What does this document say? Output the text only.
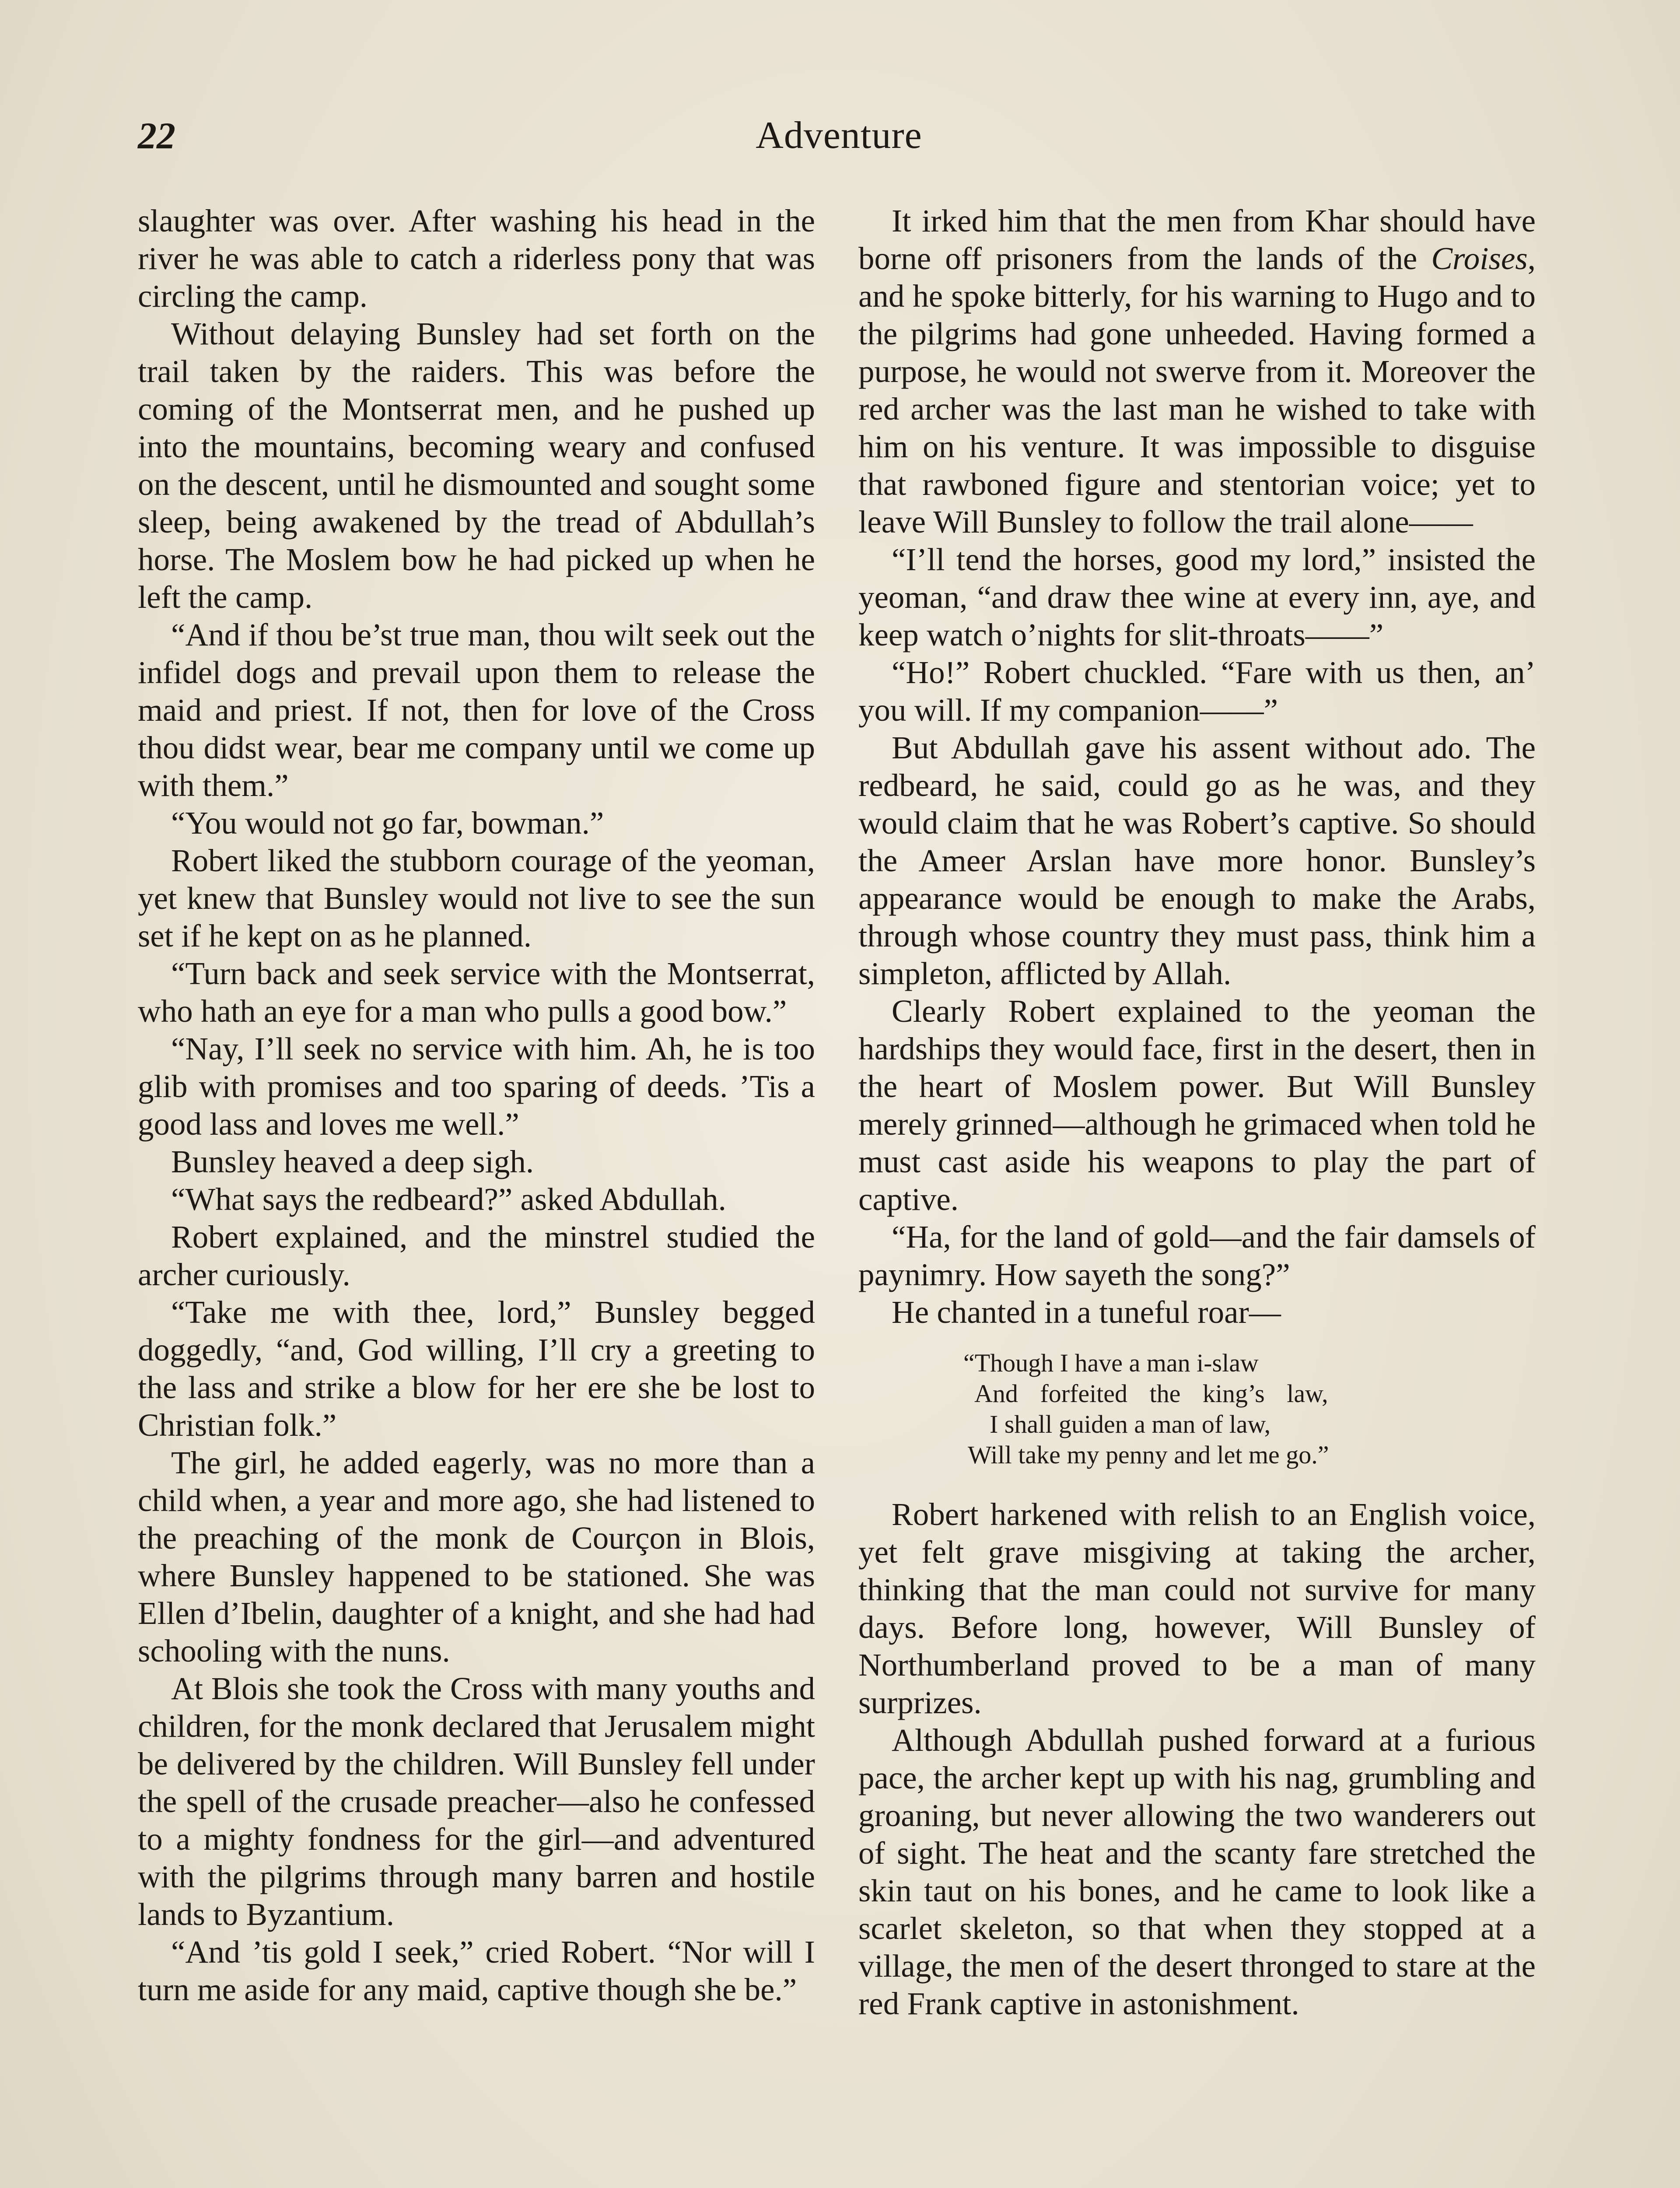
22	Adventure

slaughter was over. After washing his head in the river he was able to catch a riderless pony that was circling the camp.

Without delaying Bunsley had set forth on the trail taken by the raiders. This was before the coming of the Montserrat men, and he pushed up into the mountains, becoming weary and confused on the descent, until he dismounted and sought some sleep, being awakened by the tread of Abdullah’s horse. The Moslem bow he had picked up when he left the camp.

“And if thou be’st true man, thou wilt seek out the infidel dogs and prevail upon them to release the maid and priest. If not, then for love of the Cross thou didst wear, bear me company until we come up with them.”

“You would not go far, bowman.”

Robert liked the stubborn courage of the yeoman, yet knew that Bunsley would not live to see the sun set if he kept on as he planned.

“Turn back and seek service with the Montserrat, who hath an eye for a man who pulls a good bow.”

“Nay, I’ll seek no service with him. Ah, he is too glib with promises and too sparing of deeds. ’Tis a good lass and loves me well.”

Bunsley heaved a deep sigh.

“What says the redbeard?” asked Abdullah.

Robert explained, and the minstrel studied the archer curiously.

“Take me with thee, lord,” Bunsley begged doggedly, “and, God willing, I’ll cry a greeting to the lass and strike a blow for her ere she be lost to Christian folk.”

The girl, he added eagerly, was no more than a child when, a year and more ago, she had listened to the preaching of the monk de Courçon in Blois, where Bunsley happened to be stationed. She was Ellen d’Ibelin, daughter of a knight, and she had had schooling with the nuns.

At Blois she took the Cross with many youths and children, for the monk declared that Jerusalem might be delivered by the children. Will Bunsley fell under the spell of the crusade preacher—also he confessed to a mighty fondness for the girl—and adventured with the pilgrims through many barren and hostile lands to Byzantium.

“And ’tis gold I seek,” cried Robert. “Nor will I turn me aside for any maid, captive though she be.”

It irked him that the men from Khar should have borne off prisoners from the lands of the Croises, and he spoke bitterly, for his warning to Hugo and to the pilgrims had gone unheeded. Having formed a purpose, he would not swerve from it. Moreover the red archer was the last man he wished to take with him on his venture. It was impossible to disguise that rawboned figure and stentorian voice; yet to leave Will Bunsley to follow the trail alone——

“I’ll tend the horses, good my lord,” insisted the yeoman, “and draw thee wine at every inn, aye, and keep watch o’nights for slit-throats——”

“Ho!” Robert chuckled. “Fare with us then, an’ you will. If my companion——”

But Abdullah gave his assent without ado. The redbeard, he said, could go as he was, and they would claim that he was Robert’s captive. So should the Ameer Arslan have more honor. Bunsley’s appearance would be enough to make the Arabs, through whose country they must pass, think him a simpleton, afflicted by Allah.

Clearly Robert explained to the yeoman the hardships they would face, first in the desert, then in the heart of Moslem power. But Will Bunsley merely grinned—although he grimaced when told he must cast aside his weapons to play the part of captive.

“Ha, for the land of gold—and the fair damsels of paynimry. How sayeth the song?”

He chanted in a tuneful roar—

“Though I have a man i-slaw
And forfeited the king’s law,
I shall guiden a man of law,
Will take my penny and let me go.”

Robert harkened with relish to an English voice, yet felt grave misgiving at taking the archer, thinking that the man could not survive for many days. Before long, however, Will Bunsley of Northumberland proved to be a man of many surprizes.

Although Abdullah pushed forward at a furious pace, the archer kept up with his nag, grumbling and groaning, but never allowing the two wanderers out of sight. The heat and the scanty fare stretched the skin taut on his bones, and he came to look like a scarlet skeleton, so that when they stopped at a village, the men of the desert thronged to stare at the red Frank captive in astonishment.
